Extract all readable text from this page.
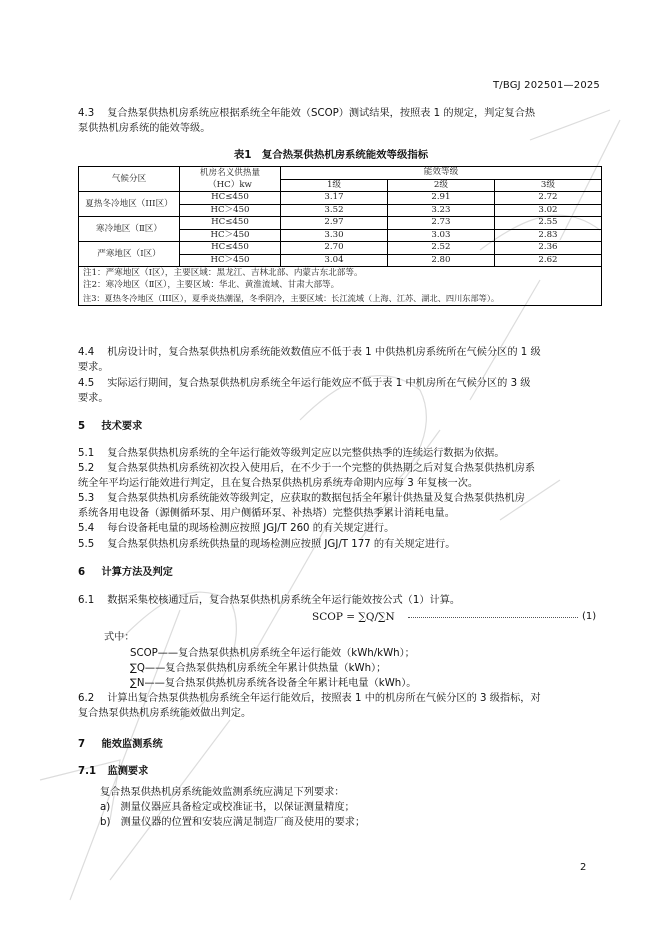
T/BGJ 202501—2025
4.3 复合热泵供热机房系统应根据系统全年能效（SCOP）测试结果，按照表 1 的规定，判定复合热
泵供热机房系统的能效等级。
表1　复合热泵供热机房系统能效等级指标
气候分区	机房名义供热量
（HC）kw	能效等级		
		1级	2级	3级
夏热冬冷地区（III区）	HC≤450	3.17	2.91	2.72
	HC＞450	3.52	3.23	3.02
寒冷地区（Ⅱ区）	HC≤450	2.97	2.73	2.55
	HC＞450	3.30	3.03	2.83
严寒地区（Ⅰ区）	HC≤450	2.70	2.52	2.36
	HC＞450	3.04	2.80	2.62
注1：严寒地区（Ⅰ区），主要区域：黑龙江、吉林北部、内蒙古东北部等。				
注2：寒冷地区（Ⅱ区），主要区域：华北、黄淮流域、甘肃大部等。				
注3：夏热冬冷地区（III区），夏季炎热潮湿，冬季阴冷，主要区域：长江流域（上海、江苏、湖北、四川东部等）。				
4.4 机房设计时，复合热泵供热机房系统能效数值应不低于表 1 中供热机房系统所在气候分区的 1 级
要求。
4.5 实际运行期间，复合热泵供热机房系统全年运行能效应不低于表 1 中机房所在气候分区的 3 级
要求。
5 技术要求
5.1 复合热泵供热机房系统的全年运行能效等级判定应以完整供热季的连续运行数据为依据。
5.2 复合热泵供热机房系统初次投入使用后，在不少于一个完整的供热期之后对复合热泵供热机房系
统全年平均运行能效进行判定，且在复合热泵供热机房系统寿命期内应每 3 年复核一次。
5.3 复合热泵供热机房系统能效等级判定，应获取的数据包括全年累计供热量及复合热泵供热机房
系统各用电设备（源侧循环泵、用户侧循环泵、补热塔）完整供热季累计消耗电量。
5.4 每台设备耗电量的现场检测应按照 JGJ/T 260 的有关规定进行。
5.5 复合热泵供热机房系统供热量的现场检测应按照 JGJ/T 177 的有关规定进行。
6 计算方法及判定
6.1 数据采集校核通过后，复合热泵供热机房系统全年运行能效按公式（1）计算。
SCOP = ∑Q/∑N	(1)
式中：
SCOP——复合热泵供热机房系统全年运行能效（kWh/kWh）；
∑Q——复合热泵供热机房系统全年累计供热量（kWh）；
∑N——复合热泵供热机房系统各设备全年累计耗电量（kWh）。
6.2 计算出复合热泵供热机房系统全年运行能效后，按照表 1 中的机房所在气候分区的 3 级指标，对
复合热泵供热机房系统能效做出判定。
7 能效监测系统
7.1 监测要求
复合热泵供热机房系统能效监测系统应满足下列要求：
a)　测量仪器应具备检定或校准证书，以保证测量精度；
b)　测量仪器的位置和安装应满足制造厂商及使用的要求；
2
